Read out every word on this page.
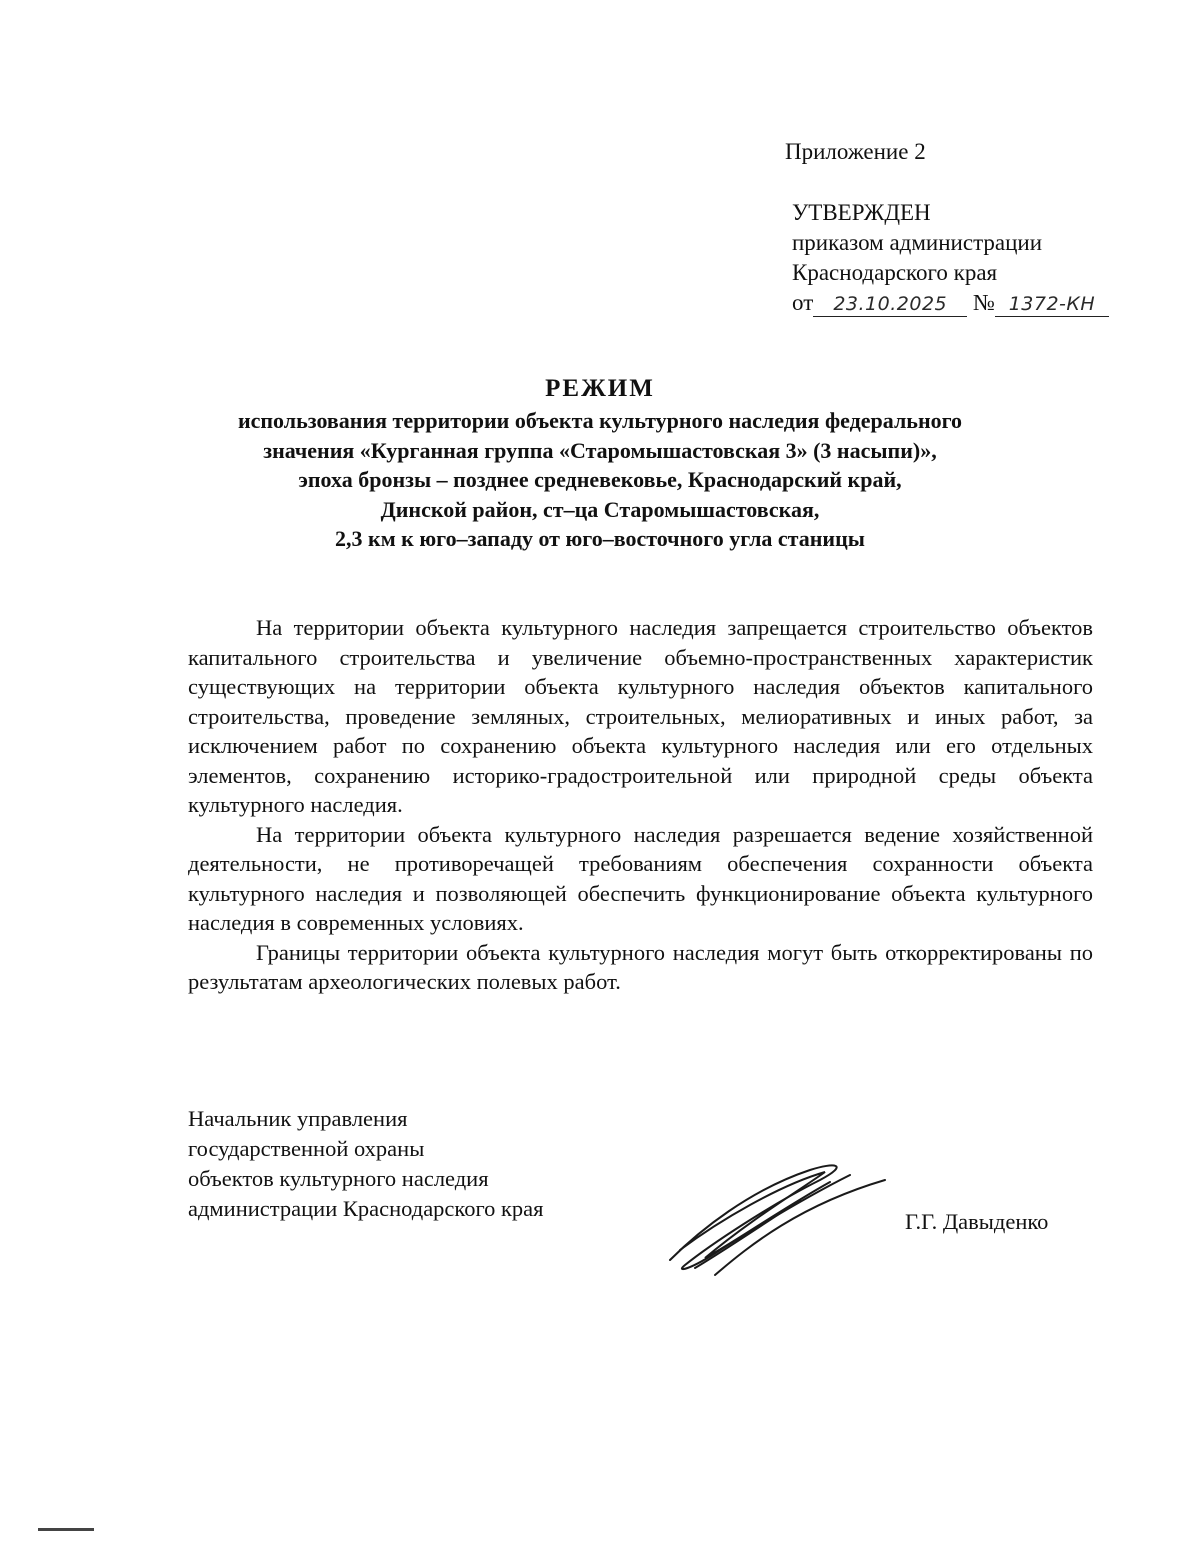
Приложение 2
УТВЕРЖДЕН
приказом администрации
Краснодарского края
от 23.10.2025 № 1372-КН
РЕЖИМ
использования территории объекта культурного наследия федерального
значения «Курганная группа «Старомышастовская 3» (3 насыпи)»,
эпоха бронзы – позднее средневековье, Краснодарский край,
Динской район, ст–ца Старомышастовская,
2,3 км к юго–западу от юго–восточного угла станицы

На территории объекта культурного наследия запрещается строительство объектов капитального строительства и увеличение объемно-пространственных характеристик существующих на территории объекта культурного наследия объектов капитального строительства, проведение земляных, строительных, мелиоративных и иных работ, за исключением работ по сохранению объекта культурного наследия или его отдельных элементов, сохранению историко-градостроительной или природной среды объекта культурного наследия.

На территории объекта культурного наследия разрешается ведение хозяйственной деятельности, не противоречащей требованиям обеспечения сохранности объекта культурного наследия и позволяющей обеспечить функционирование объекта культурного наследия в современных условиях.

Границы территории объекта культурного наследия могут быть откорректированы по результатам археологических полевых работ.

Начальник управления
государственной охраны
объектов культурного наследия
администрации Краснодарского края
Г.Г. Давыденко
